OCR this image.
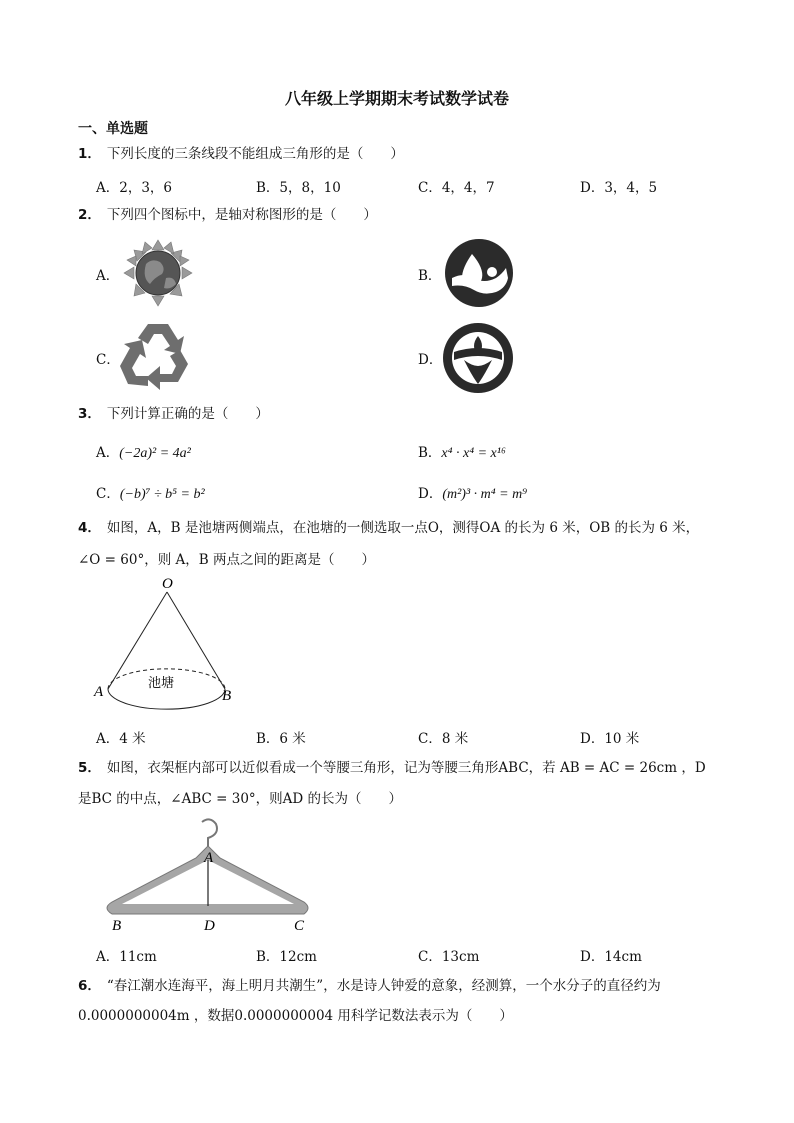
八年级上学期期末考试数学试卷
一、单选题
1． 下列长度的三条线段不能组成三角形的是（　　）
A．2，3，6	B．5，8，10	C．4，4，7	D．3，4，5
2． 下列四个图标中，是轴对称图形的是（　　）
A．	B．
C．	D．
3． 下列计算正确的是（　　）
A．(−2a)² = 4a²	B．x⁴ · x⁴ = x¹⁶
C．(−b)⁷ ÷ b⁵ = b²	D．(m²)³ · m⁴ = m⁹
4． 如图，A，B 是池塘两侧端点，在池塘的一侧选取一点O，测得OA 的长为 6 米，OB 的长为 6 米，
∠O = 60°，则 A，B 两点之间的距离是（　　）
O
A	B
池塘
A．4 米	B．6 米	C．8 米	D．10 米
5． 如图，衣架框内部可以近似看成一个等腰三角形，记为等腰三角形ABC，若 AB = AC = 26cm ，D
是BC 的中点，∠ABC = 30°，则AD 的长为（　　）
A
B	D	C
A．11cm	B．12cm	C．13cm	D．14cm
6． “春江潮水连海平，海上明月共潮生”，水是诗人钟爱的意象，经测算，一个水分子的直径约为
0.0000000004m ，数据0.0000000004 用科学记数法表示为（　　）
